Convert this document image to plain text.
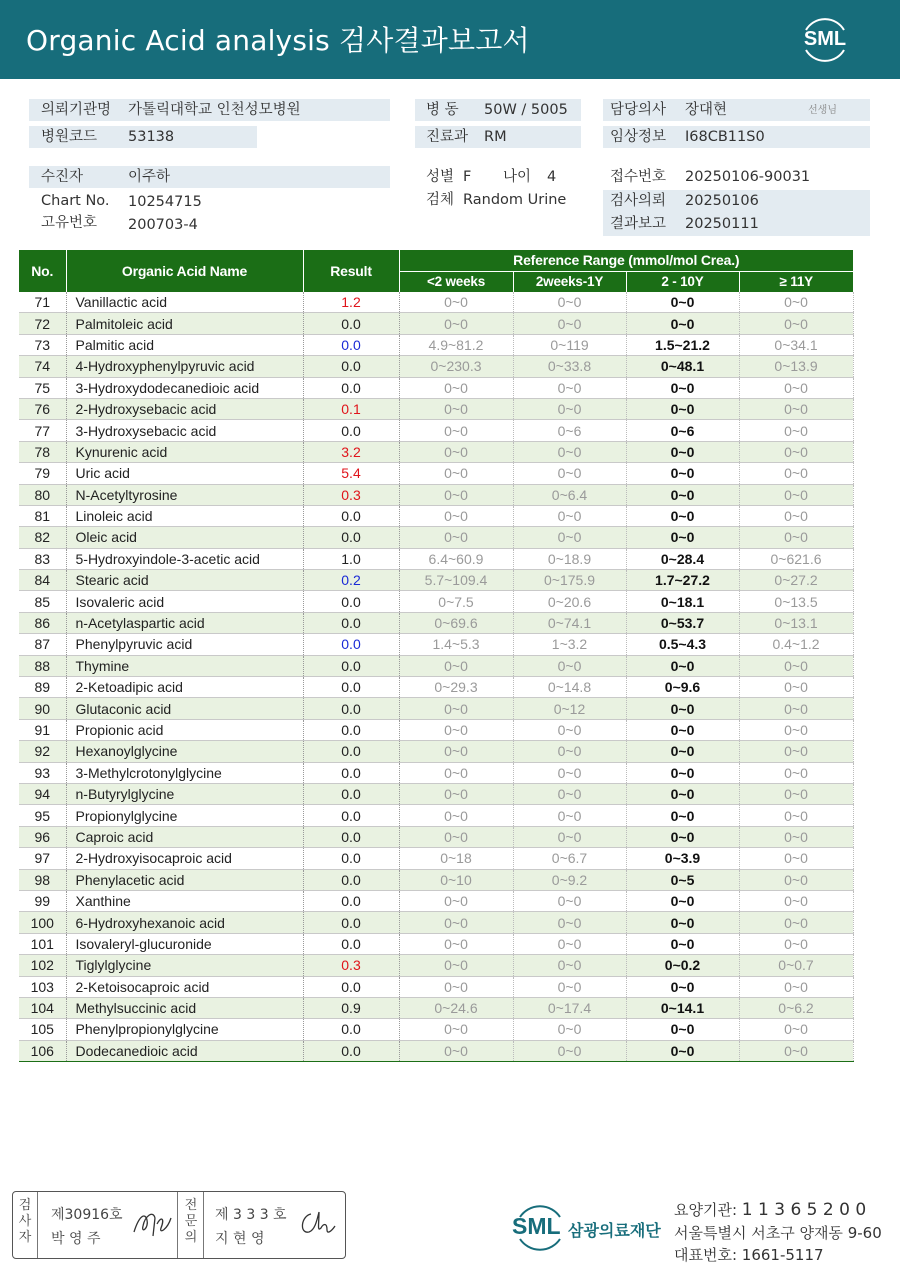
Organic Acid analysis 검사결과보고서	SML
의뢰기관명 가톨릭대학교 인천성모병원
병원코드 53138
병 동 50W / 5005
진료과 RM
담당의사 장대현	선생님
임상정보 I68CB11S0
수진자	이주하
Chart No. 10254715
고유번호 200703-4
성별 F 나이 4
검체 Random Urine
접수번호 20250106-90031
검사의뢰 20250106
결과보고 20250111
No.	Organic Acid Name	Result	Reference Range (mmol/mol Crea.)			
			<2 weeks	2weeks-1Y	2 - 10Y	≥ 11Y
71	Vanillactic acid	1.2	0~0	0~0	0~0	0~0
72	Palmitoleic acid	0.0	0~0	0~0	0~0	0~0
73	Palmitic acid	0.0	4.9~81.2	0~119	1.5~21.2	0~34.1
74	4-Hydroxyphenylpyruvic acid	0.0	0~230.3	0~33.8	0~48.1	0~13.9
75	3-Hydroxydodecanedioic acid	0.0	0~0	0~0	0~0	0~0
76	2-Hydroxysebacic acid	0.1	0~0	0~0	0~0	0~0
77	3-Hydroxysebacic acid	0.0	0~0	0~6	0~6	0~0
78	Kynurenic acid	3.2	0~0	0~0	0~0	0~0
79	Uric acid	5.4	0~0	0~0	0~0	0~0
80	N-Acetyltyrosine	0.3	0~0	0~6.4	0~0	0~0
81	Linoleic acid	0.0	0~0	0~0	0~0	0~0
82	Oleic acid	0.0	0~0	0~0	0~0	0~0
83	5-Hydroxyindole-3-acetic acid	1.0	6.4~60.9	0~18.9	0~28.4	0~621.6
84	Stearic acid	0.2	5.7~109.4	0~175.9	1.7~27.2	0~27.2
85	Isovaleric acid	0.0	0~7.5	0~20.6	0~18.1	0~13.5
86	n-Acetylaspartic acid	0.0	0~69.6	0~74.1	0~53.7	0~13.1
87	Phenylpyruvic acid	0.0	1.4~5.3	1~3.2	0.5~4.3	0.4~1.2
88	Thymine	0.0	0~0	0~0	0~0	0~0
89	2-Ketoadipic acid	0.0	0~29.3	0~14.8	0~9.6	0~0
90	Glutaconic acid	0.0	0~0	0~12	0~0	0~0
91	Propionic acid	0.0	0~0	0~0	0~0	0~0
92	Hexanoylglycine	0.0	0~0	0~0	0~0	0~0
93	3-Methylcrotonylglycine	0.0	0~0	0~0	0~0	0~0
94	n-Butyrylglycine	0.0	0~0	0~0	0~0	0~0
95	Propionylglycine	0.0	0~0	0~0	0~0	0~0
96	Caproic acid	0.0	0~0	0~0	0~0	0~0
97	2-Hydroxyisocaproic acid	0.0	0~18	0~6.7	0~3.9	0~0
98	Phenylacetic acid	0.0	0~10	0~9.2	0~5	0~0
99	Xanthine	0.0	0~0	0~0	0~0	0~0
100	6-Hydroxyhexanoic acid	0.0	0~0	0~0	0~0	0~0
101	Isovaleryl-glucuronide	0.0	0~0	0~0	0~0	0~0
102	Tiglylglycine	0.3	0~0	0~0	0~0.2	0~0.7
103	2-Ketoisocaproic acid	0.0	0~0	0~0	0~0	0~0
104	Methylsuccinic acid	0.9	0~24.6	0~17.4	0~14.1	0~6.2
105	Phenylpropionylglycine	0.0	0~0	0~0	0~0	0~0
106	Dodecanedioic acid	0.0	0~0	0~0	0~0	0~0
검
사
자
제30916호
박 영 주
전
문
의
제 3 3 3 호
지 현 영	SML 삼광의료재단
요양기관: 1 1 3 6 5 2 0 0
서울특별시 서초구 양재동 9-60
대표번호: 1661-5117
